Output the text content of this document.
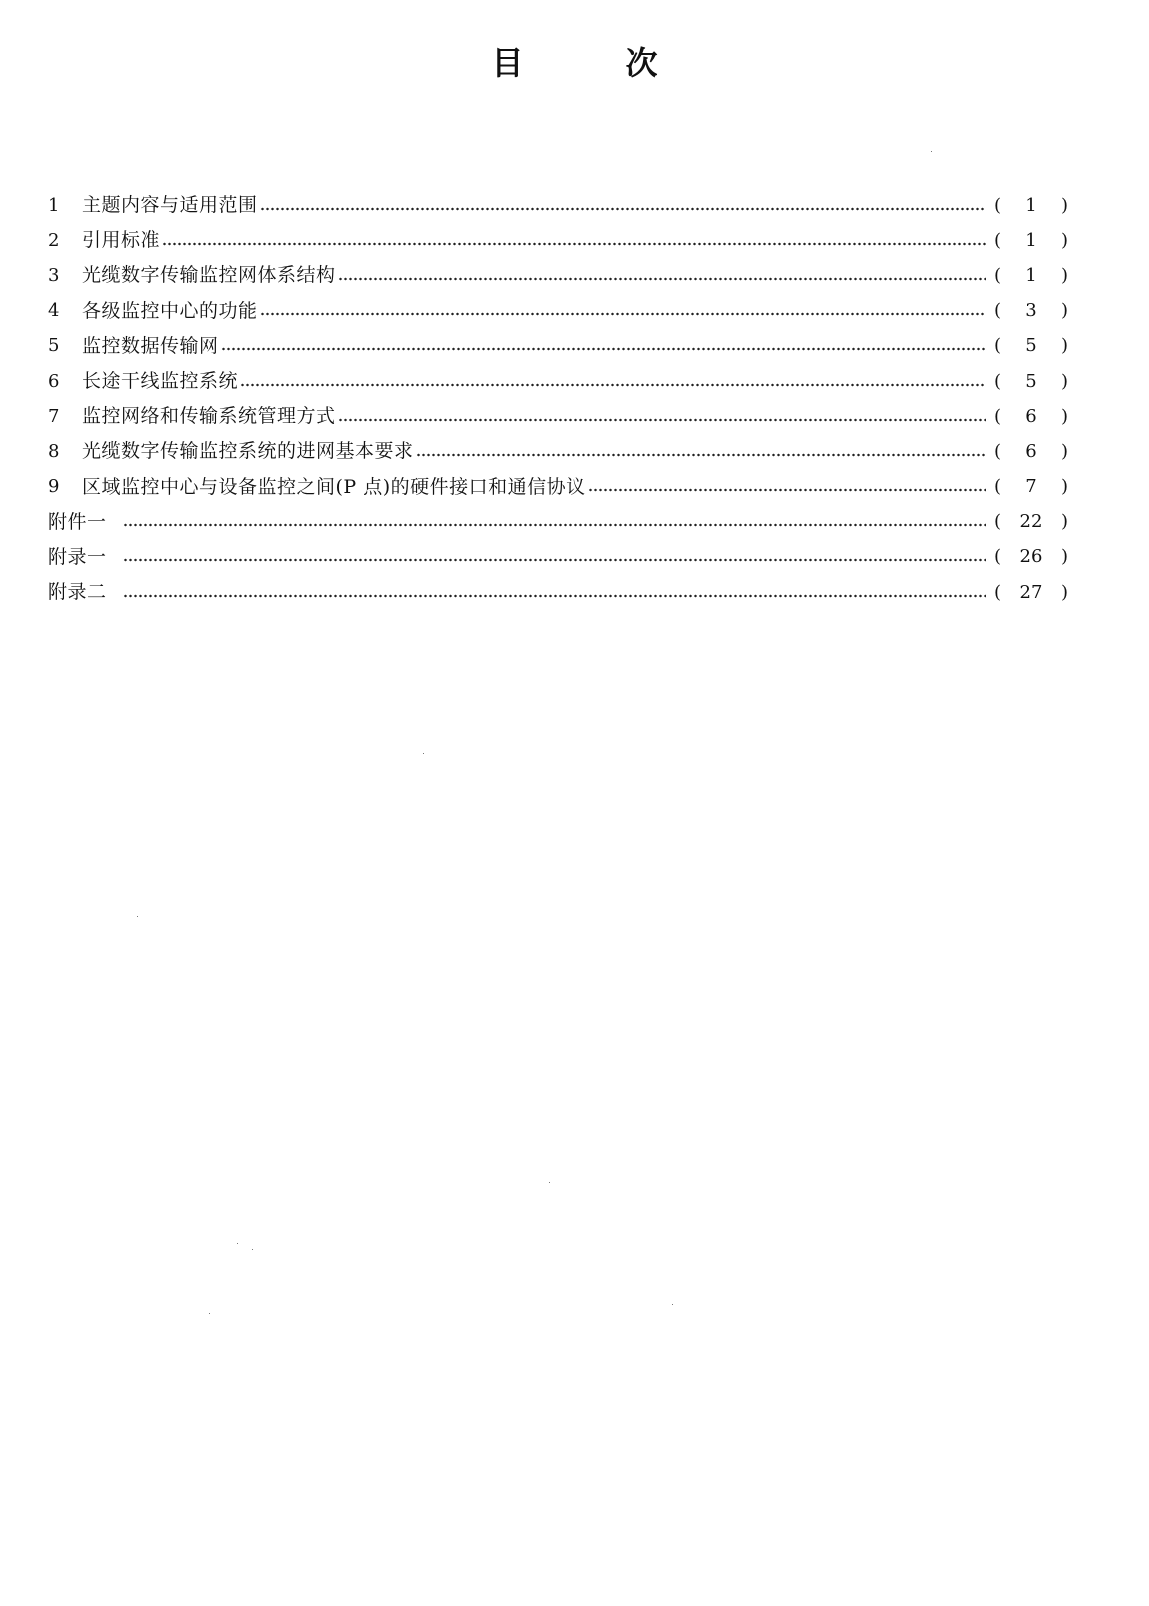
目	次
1	主题内容与适用范围	(	1	)
2	引用标准	(	1	)
3	光缆数字传输监控网体系结构	(	1	)
4	各级监控中心的功能	(	3	)
5	监控数据传输网	(	5	)
6	长途干线监控系统	(	5	)
7	监控网络和传输系统管理方式	(	6	)
8	光缆数字传输监控系统的进网基本要求	(	6	)
9	区域监控中心与设备监控之间(P 点)的硬件接口和通信协议	(	7	)
附件一	(	22	)
附录一	(	26	)
附录二	(	27	)
